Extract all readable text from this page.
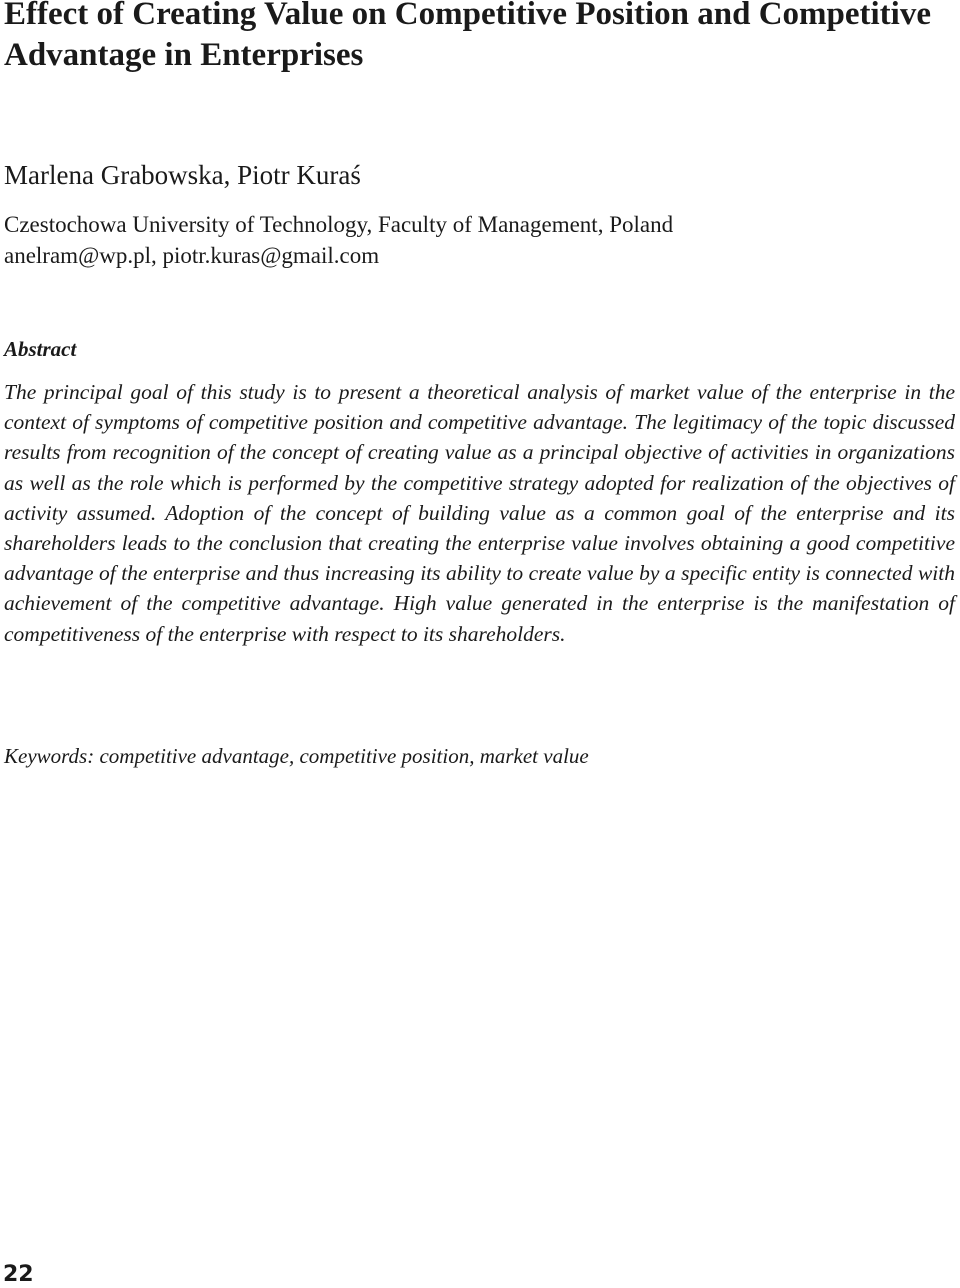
Effect of Creating Value on Competitive Position and Competitive Advantage in Enterprises
Marlena Grabowska, Piotr Kuraś

Czestochowa University of Technology, Faculty of Management, Poland

anelram@wp.pl, piotr.kuras@gmail.com

Abstract

The principal goal of this study is to present a theoretical analysis of market value of the enterprise in the context of symptoms of competitive position and competitive advantage. The legitimacy of the topic discussed results from recognition of the concept of creating value as a principal objective of activities in organizations as well as the role which is performed by the competitive strategy adopted for realization of the objectives of activity assumed. Adoption of the concept of building value as a common goal of the enterprise and its shareholders leads to the conclusion that creating the enterprise value involves obtaining a good competitive advantage of the enterprise and thus increasing its ability to create value by a specific entity is connected with achievement of the competitive advantage. High value generated in the enterprise is the manifestation of competitiveness of the enterprise with respect to its shareholders.

Keywords: competitive advantage, competitive position, market value

22
